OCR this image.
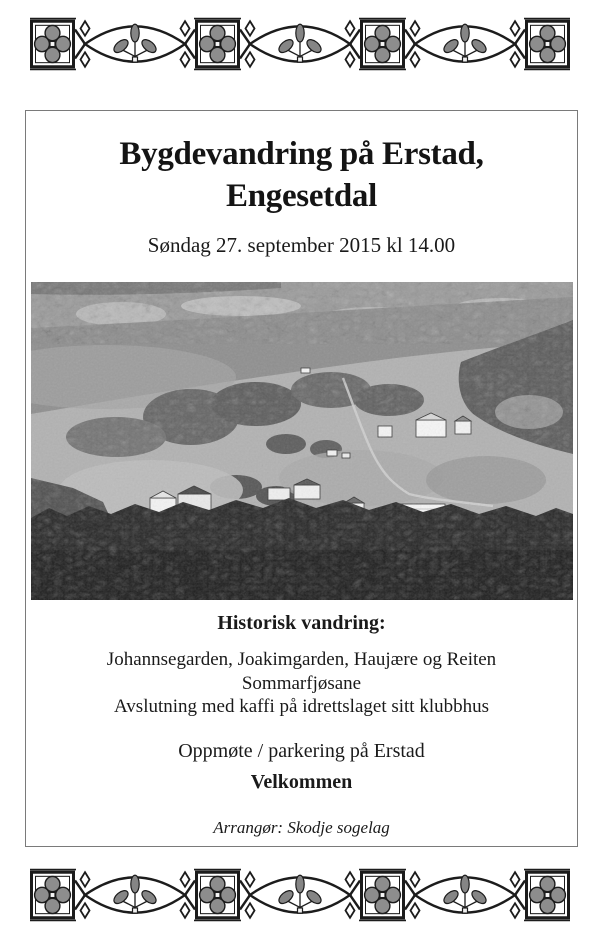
Bygdevandring på Erstad,
Engesetdal
Søndag 27. september 2015 kl 14.00
Historisk vandring:
Johannsegarden, Joakimgarden, Haujære og Reiten
Sommarfjøsane
Avslutning med kaffi på idrettslaget sitt klubbhus
Oppmøte / parkering på Erstad
Velkommen
Arrangør: Skodje sogelag
